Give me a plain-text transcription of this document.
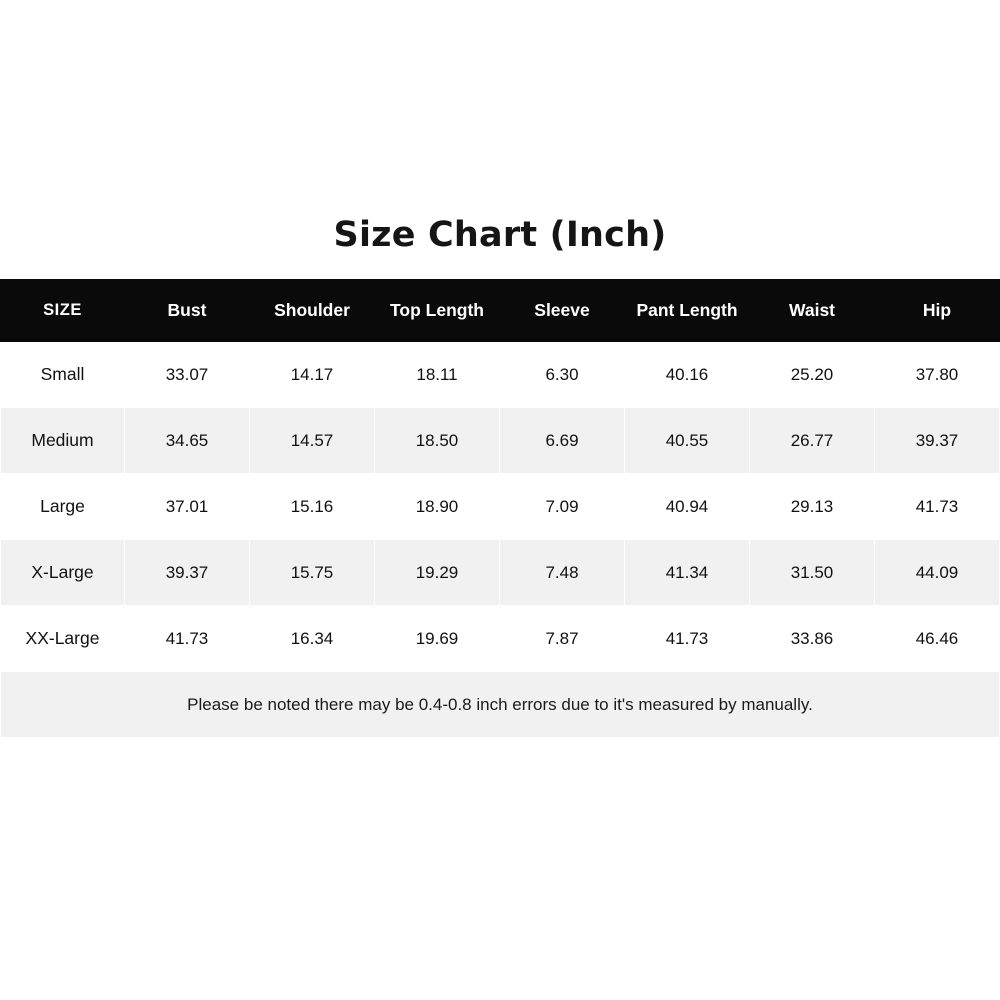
Size Chart (Inch)
SIZE	Bust	Shoulder	Top Length	Sleeve	Pant Length	Waist	Hip
Small	33.07	14.17	18.11	6.30	40.16	25.20	37.80
Medium	34.65	14.57	18.50	6.69	40.55	26.77	39.37
Large	37.01	15.16	18.90	7.09	40.94	29.13	41.73
X-Large	39.37	15.75	19.29	7.48	41.34	31.50	44.09
XX-Large	41.73	16.34	19.69	7.87	41.73	33.86	46.46
Please be noted there may be 0.4-0.8 inch errors due to it's measured by manually.							
